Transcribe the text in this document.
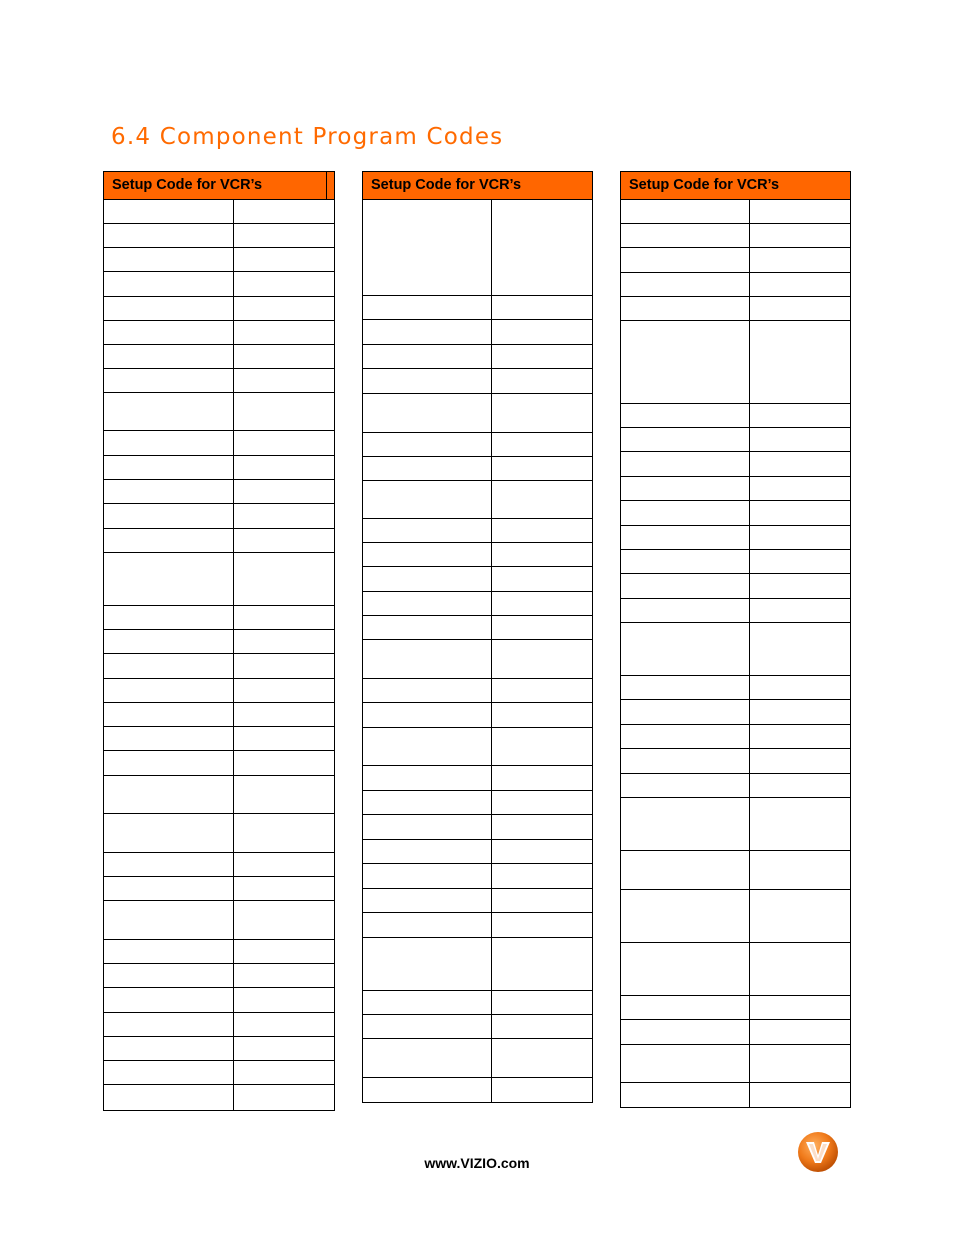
6.4 Component Program Codes
Setup Code for VCR’s	Setup Code for VCR’s	Setup Code for VCR’s
www.VIZIO.com
